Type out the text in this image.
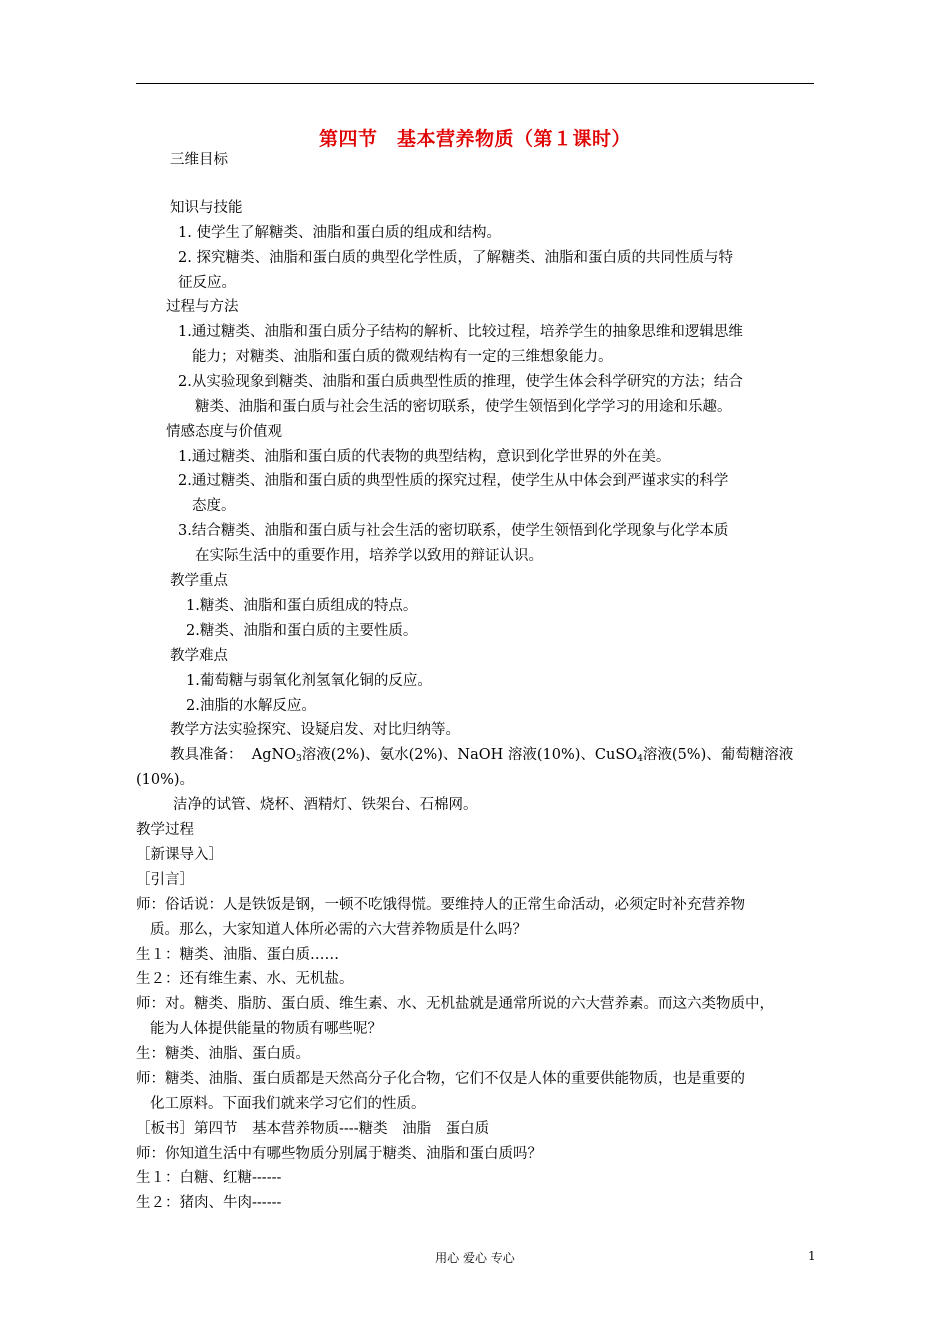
第四节　基本营养物质（第１课时）
三维目标
知识与技能
1. 使学生了解糖类、油脂和蛋白质的组成和结构。
2. 探究糖类、油脂和蛋白质的典型化学性质，了解糖类、油脂和蛋白质的共同性质与特
征反应。
过程与方法
1.通过糖类、油脂和蛋白质分子结构的解析、比较过程，培养学生的抽象思维和逻辑思维
能力；对糖类、油脂和蛋白质的微观结构有一定的三维想象能力。
2.从实验现象到糖类、油脂和蛋白质典型性质的推理，使学生体会科学研究的方法；结合
糖类、油脂和蛋白质与社会生活的密切联系，使学生领悟到化学学习的用途和乐趣。
情感态度与价值观
1.通过糖类、油脂和蛋白质的代表物的典型结构，意识到化学世界的外在美。
2.通过糖类、油脂和蛋白质的典型性质的探究过程，使学生从中体会到严谨求实的科学
态度。
3.结合糖类、油脂和蛋白质与社会生活的密切联系，使学生领悟到化学现象与化学本质
在实际生活中的重要作用，培养学以致用的辩证认识。
教学重点
1.糖类、油脂和蛋白质组成的特点。
2.糖类、油脂和蛋白质的主要性质。
教学难点
1.葡萄糖与弱氧化剂氢氧化铜的反应。
2.油脂的水解反应。
教学方法实验探究、设疑启发、对比归纳等。
教具准备：  AgNO$_3$溶液(2%)、氨水(2%)、NaOH 溶液(10%)、CuSO$_4$溶液(5%)、葡萄糖溶液
(10%)。
洁净的试管、烧杯、酒精灯、铁架台、石棉网。
教学过程
［新课导入］
［引言］
师：俗话说：人是铁饭是钢，一顿不吃饿得慌。要维持人的正常生命活动，必须定时补充营养物
质。那么，大家知道人体所必需的六大营养物质是什么吗？
生１：糖类、油脂、蛋白质……
生２：还有维生素、水、无机盐。
师：对。糖类、脂肪、蛋白质、维生素、水、无机盐就是通常所说的六大营养素。而这六类物质中，
能为人体提供能量的物质有哪些呢？
生：糖类、油脂、蛋白质。
师：糖类、油脂、蛋白质都是天然高分子化合物，它们不仅是人体的重要供能物质，也是重要的
化工原料。下面我们就来学习它们的性质。
［板书］第四节　基本营养物质----糖类　油脂　蛋白质
师：你知道生活中有哪些物质分别属于糖类、油脂和蛋白质吗？
生１：白糖、红糖------
生２：猪肉、牛肉------
用心 爱心 专心	1
